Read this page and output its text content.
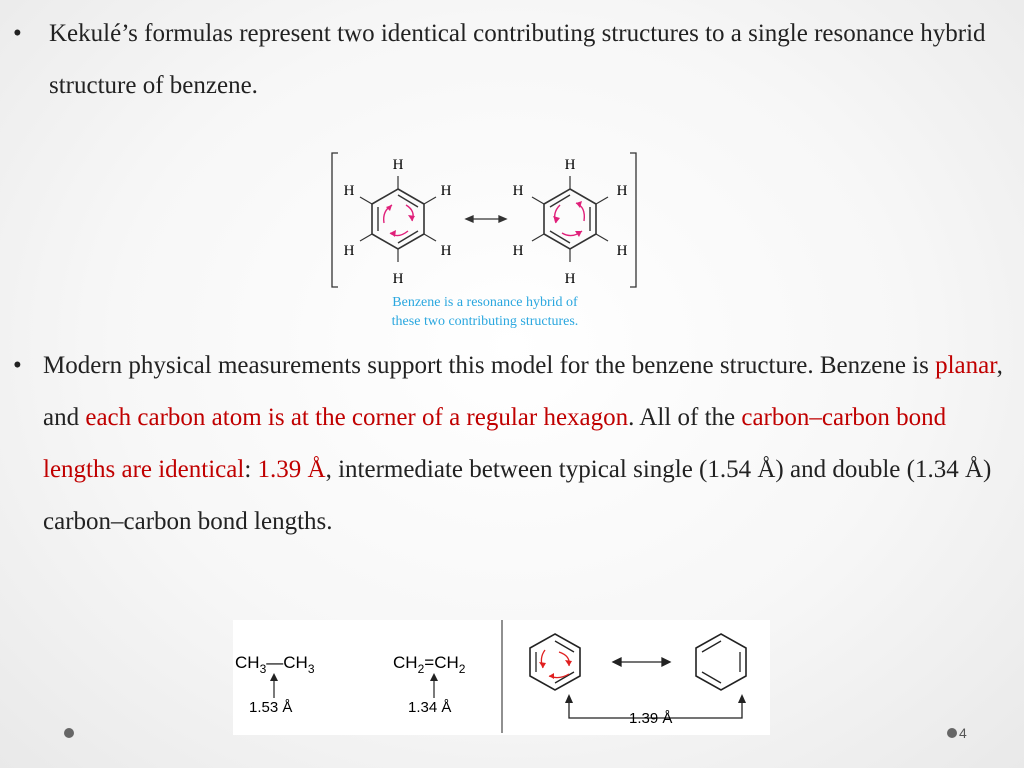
• Kekulé’s formulas represent two identical contributing structures to a single resonance hybrid structure of benzene.
H
H
H
H
H
H
H
H
H
H
H
H
Benzene is a resonance hybrid of
these two contributing structures.
• Modern physical measurements support this model for the benzene structure. Benzene is planar, and each carbon atom is at the corner of a regular hexagon. All of the carbon–carbon bond lengths are identical: 1.39 Å, intermediate between typical single (1.54 Å) and double (1.34 Å) carbon–carbon bond lengths.
$CH_3—CH_3$
1.53 Å
$CH_2=CH_2$
1.34 Å
1.39 Å
4
